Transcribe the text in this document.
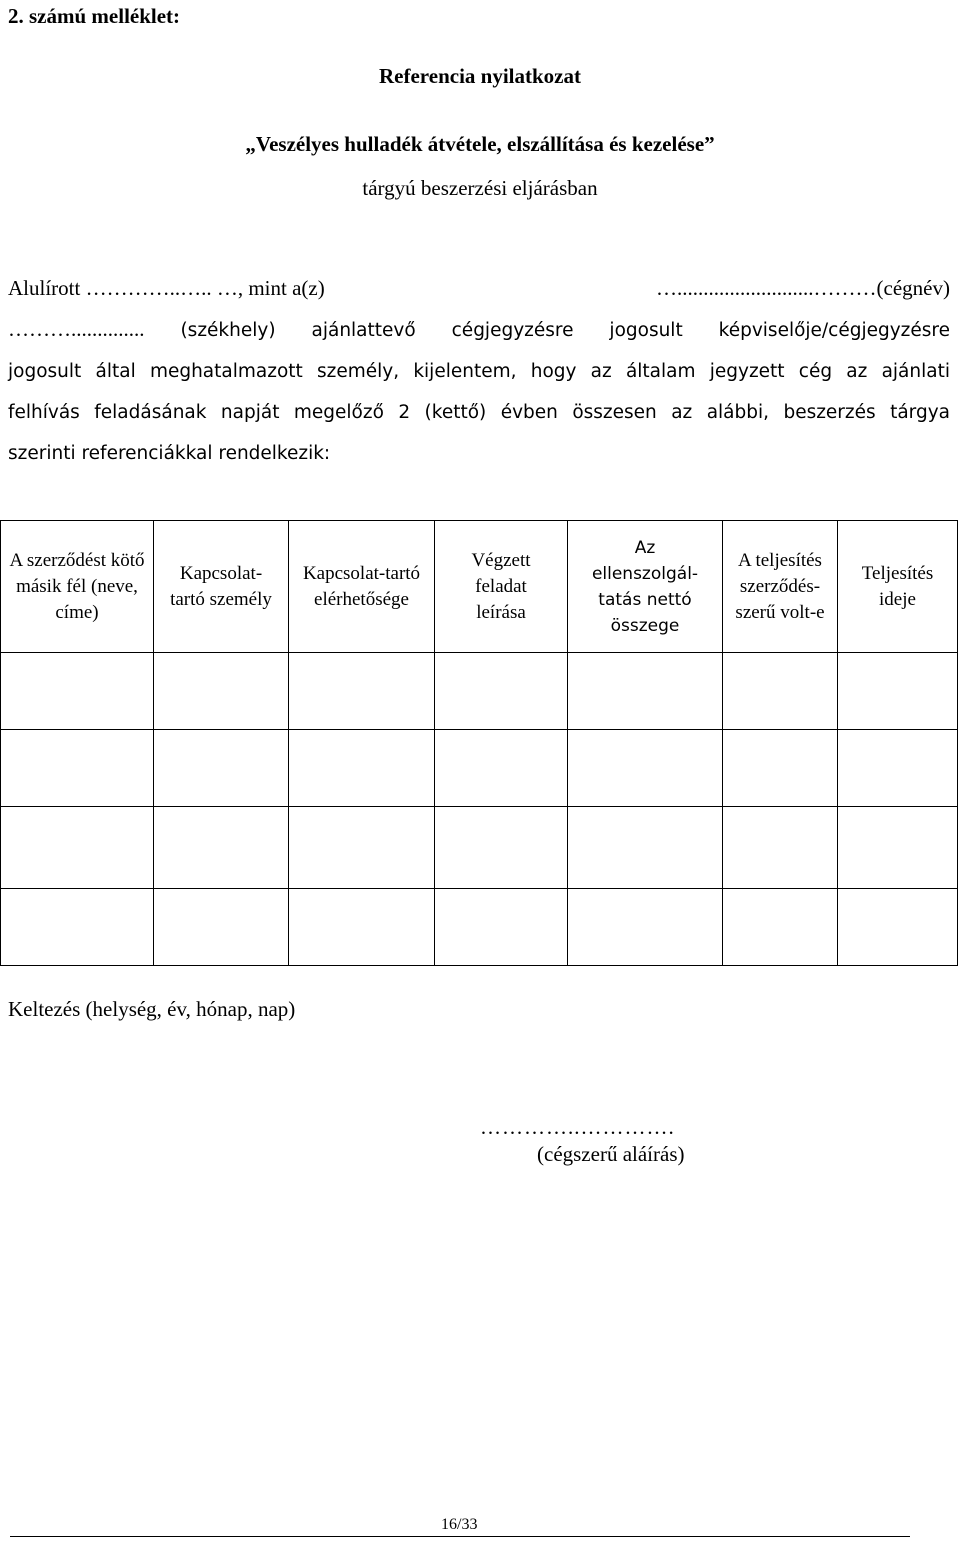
2. számú melléklet:
Referencia nyilatkozat
„Veszélyes hulladék átvétele, elszállítása és kezelése”
tárgyú beszerzési eljárásban
Alulírott …………..….. …, mint a(z)	…..........................………(cégnév)
……….............. (székhely) ajánlattevő cégjegyzésre jogosult képviselője/cégjegyzésre
jogosult által meghatalmazott személy, kijelentem, hogy az általam jegyzett cég az ajánlati
felhívás feladásának napját megelőző 2 (kettő) évben összesen az alábbi, beszerzés tárgya
szerinti referenciákkal rendelkezik:
A szerződést kötő másik fél (neve, címe)	Kapcsolat-tartó személy	Kapcsolat-tartó elérhetősége	Végzett feladat leírása	Az ellenszolgál-tatás nettó összege	A teljesítés szerződés-szerű volt-e	Teljesítés ideje

Keltezés (helység, év, hónap, nap)
…………..………….
(cégszerű aláírás)
16/33
